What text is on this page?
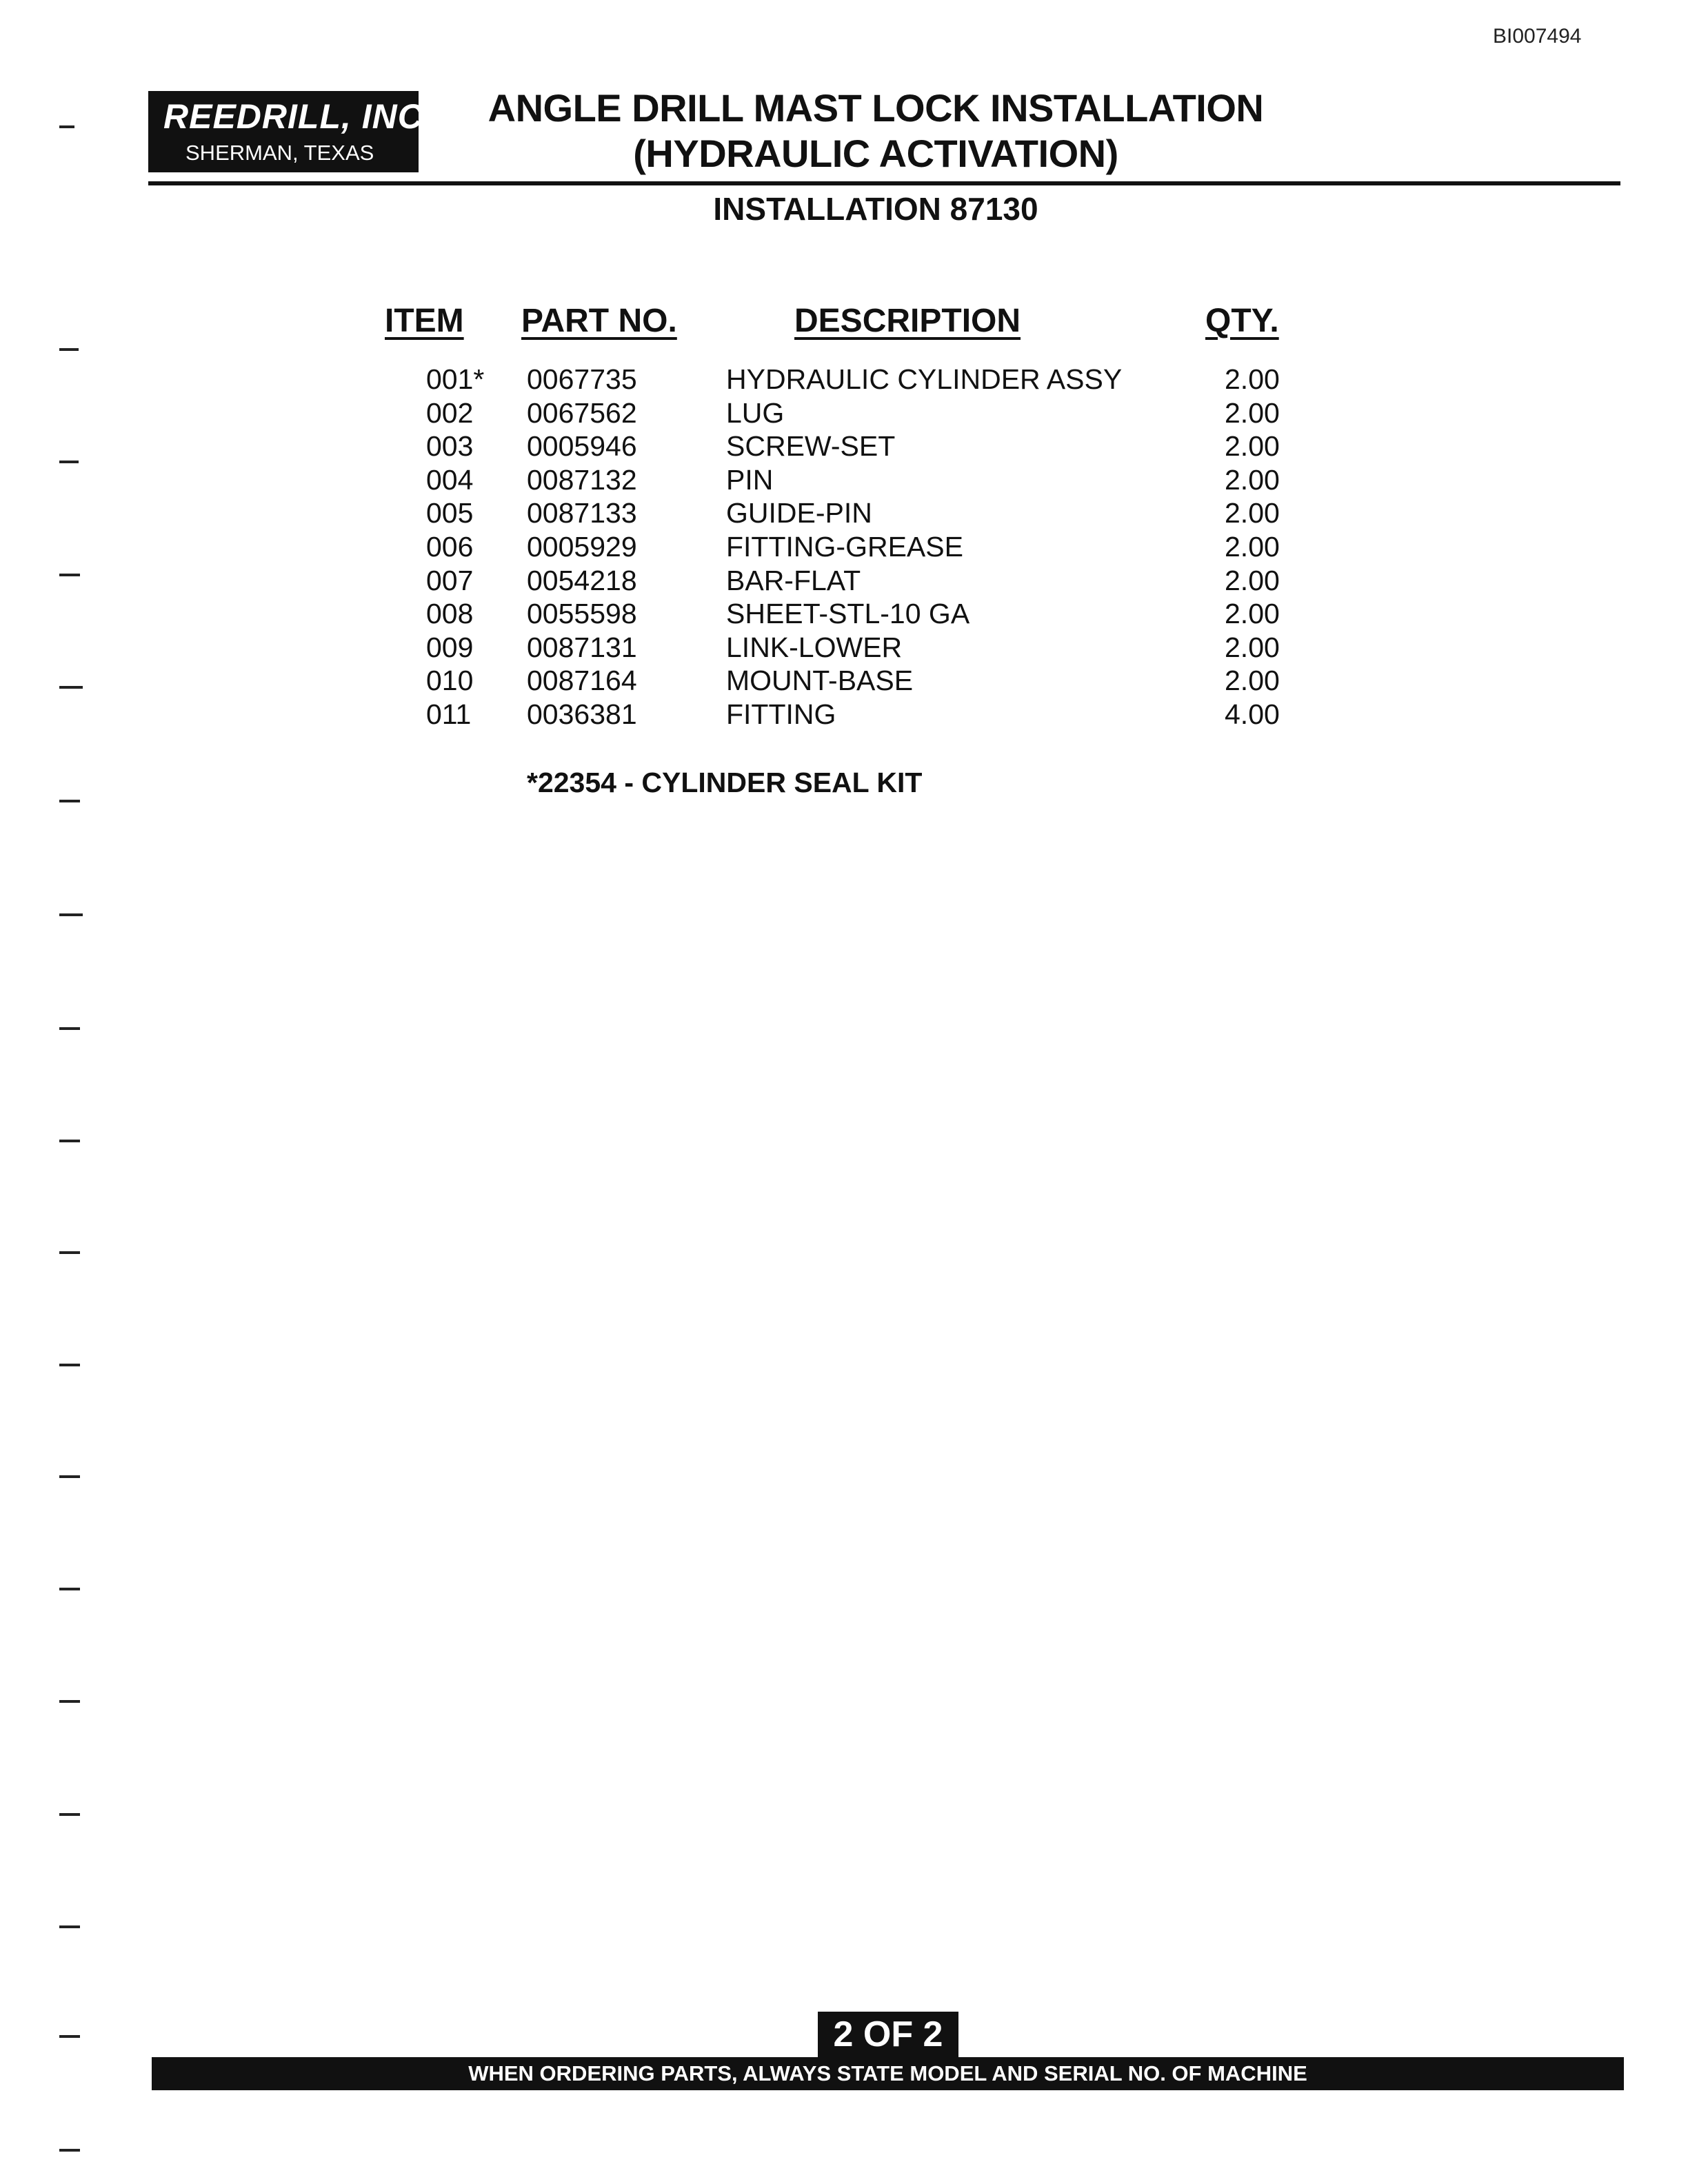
BI007494
REEDRILL, INC.
SHERMAN, TEXAS
ANGLE DRILL MAST LOCK INSTALLATION
(HYDRAULIC ACTIVATION)
INSTALLATION 87130
ITEM PART NO.	DESCRIPTION	QTY.
001* 0067735	HYDRAULIC CYLINDER ASSY	2.00
002 0067562	LUG	2.00
003 0005946	SCREW-SET	2.00
004 0087132	PIN	2.00
005 0087133	GUIDE-PIN	2.00
006 0005929	FITTING-GREASE	2.00
007 0054218	BAR-FLAT	2.00
008 0055598	SHEET-STL-10 GA	2.00
009 0087131	LINK-LOWER	2.00
010 0087164	MOUNT-BASE	2.00
011 0036381	FITTING	4.00
*22354 - CYLINDER SEAL KIT
2 OF 2
WHEN ORDERING PARTS, ALWAYS STATE MODEL AND SERIAL NO. OF MACHINE
